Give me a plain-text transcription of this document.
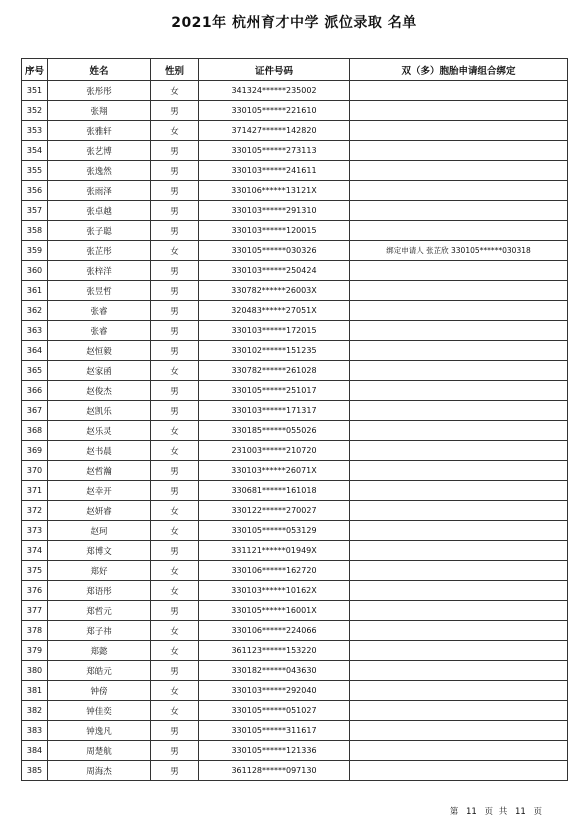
2021年 杭州育才中学 派位录取 名单
序号	姓名	性别	证件号码	双（多）胞胎申请组合绑定
351	张彤彤	女	341324******235002	
352	张翔	男	330105******221610	
353	张雅轩	女	371427******142820	
354	张艺博	男	330105******273113	
355	张逸然	男	330103******241611	
356	张雨泽	男	330106******13121X	
357	张卓越	男	330103******291310	
358	张子聪	男	330103******120015	
359	张芷彤	女	330105******030326	绑定申请人 张芷欣 330105******030318
360	张梓洋	男	330103******250424	
361	张昱哲	男	330782******26003X	
362	张睿	男	320483******27051X	
363	张睿	男	330103******172015	
364	赵恒毅	男	330102******151235	
365	赵家函	女	330782******261028	
366	赵俊杰	男	330105******251017	
367	赵凯乐	男	330103******171317	
368	赵乐灵	女	330185******055026	
369	赵书晨	女	231003******210720	
370	赵哲瀚	男	330103******26071X	
371	赵幸开	男	330681******161018	
372	赵妍睿	女	330122******270027	
373	赵珂	女	330105******053129	
374	郑博文	男	331121******01949X	
375	郑好	女	330106******162720	
376	郑语彤	女	330103******10162X	
377	郑哲元	男	330105******16001X	
378	郑子祎	女	330106******224066	
379	郑懿	女	361123******153220	
380	郑皓元	男	330182******043630	
381	钟傍	女	330103******292040	
382	钟佳奕	女	330105******051027	
383	钟逸凡	男	330105******311617	
384	周楚航	男	330105******121336	
385	周海杰	男	361128******097130	
第 11 页 共 11 页
